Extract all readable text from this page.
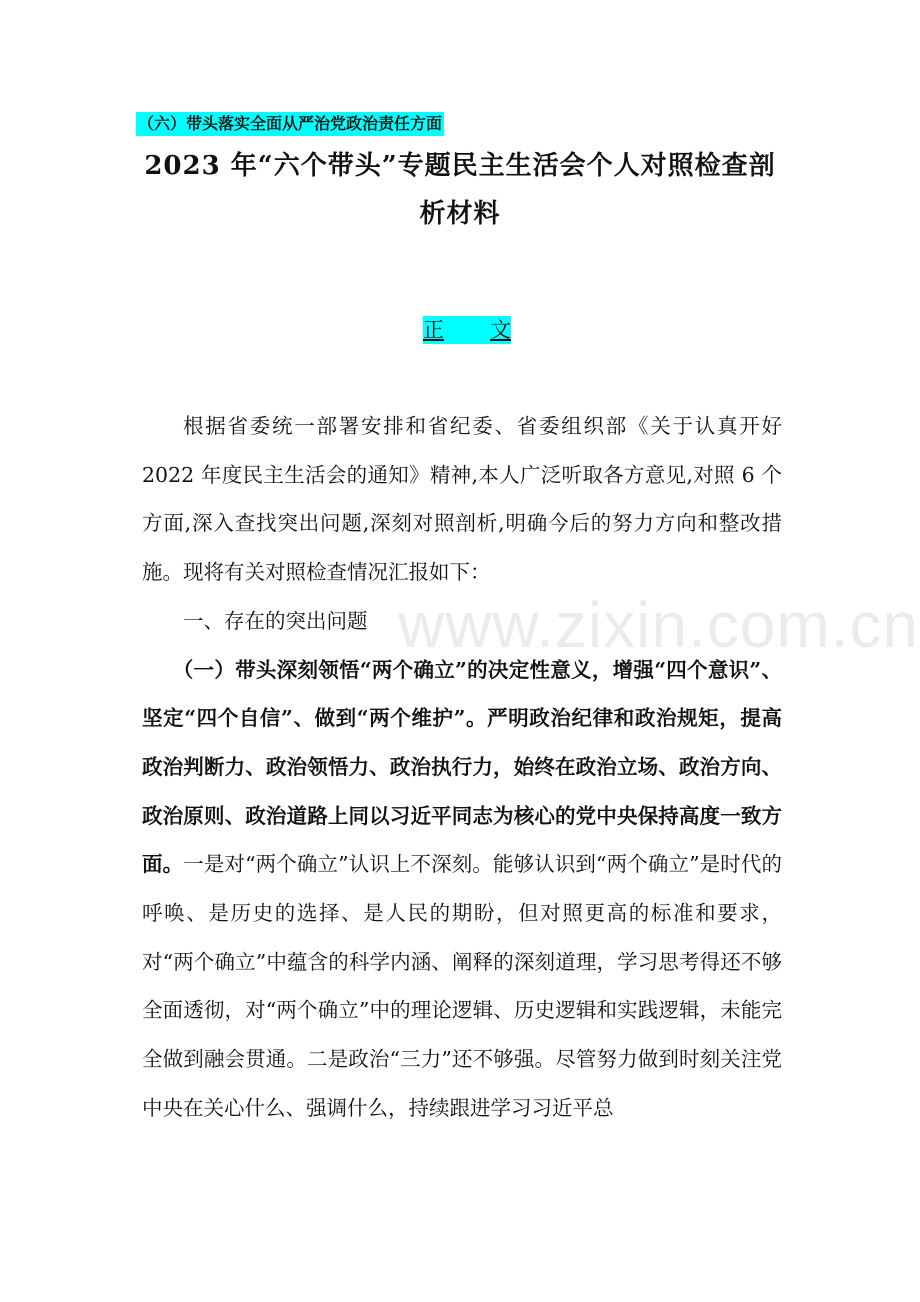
（六）带头落实全面从严治党政治责任方面
2023 年“六个带头”专题民主生活会个人对照检查剖析材料
正 文

根据省委统一部署安排和省纪委、省委组织部《关于认真开好 2022 年度民主生活会的通知》精神,本人广泛听取各方意见,对照 6 个方面,深入查找突出问题,深刻对照剖析,明确今后的努力方向和整改措施。现将有关对照检查情况汇报如下：

一、存在的突出问题

（一）带头深刻领悟“两个确立”的决定性意义，增强“四个意识”、坚定“四个自信”、做到“两个维护”。严明政治纪律和政治规矩，提高政治判断力、政治领悟力、政治执行力，始终在政治立场、政治方向、政治原则、政治道路上同以习近平同志为核心的党中央保持高度一致方面。一是对“两个确立”认识上不深刻。能够认识到“两个确立”是时代的呼唤、是历史的选择、是人民的期盼，但对照更高的标准和要求，对“两个确立”中蕴含的科学内涵、阐释的深刻道理，学习思考得还不够全面透彻，对“两个确立”中的理论逻辑、历史逻辑和实践逻辑，未能完全做到融会贯通。二是政治“三力”还不够强。尽管努力做到时刻关注党中央在关心什么、强调什么，持续跟进学习习近平总

www.zixin.com.cn
